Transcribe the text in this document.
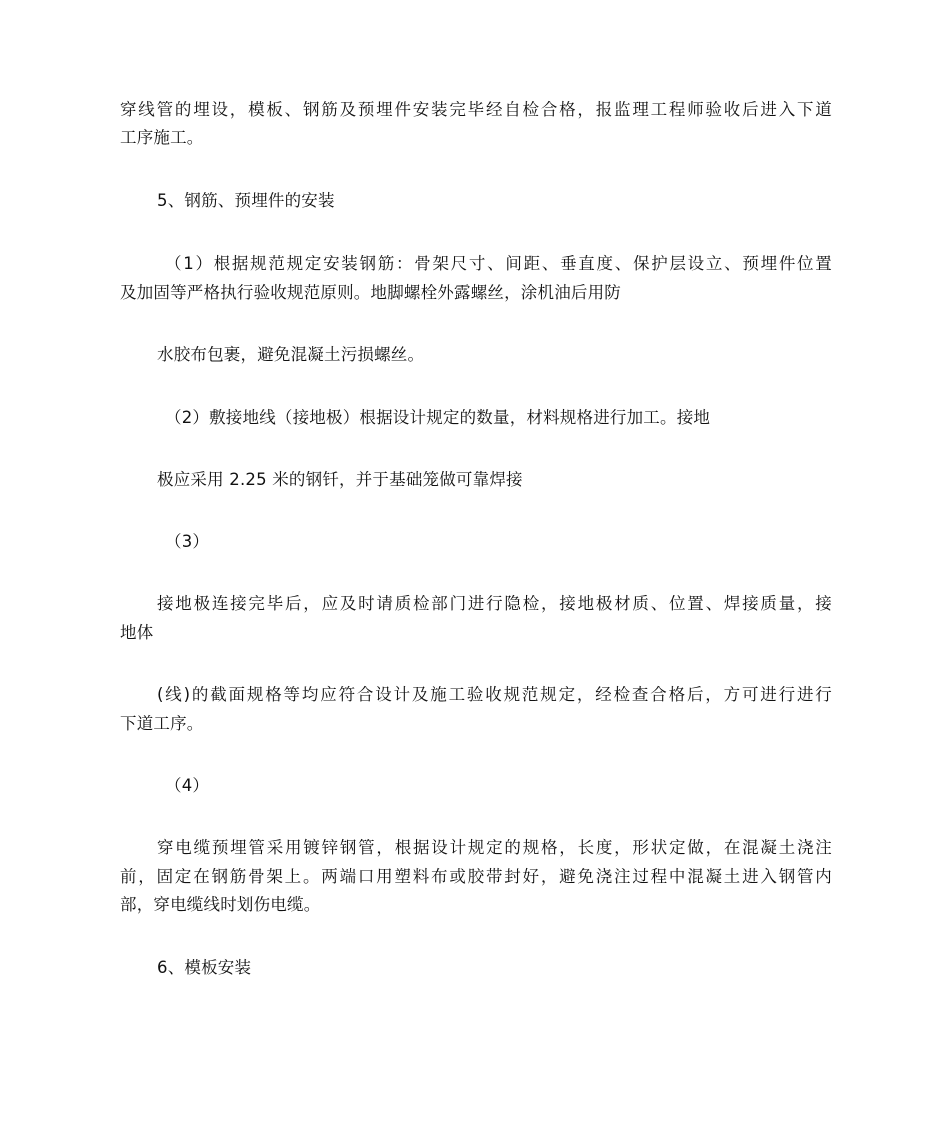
穿线管的埋设，模板、钢筋及预埋件安装完毕经自检合格，报监理工程师验收后进入下道
工序施工。
5、钢筋、预埋件的安装
（1）根据规范规定安装钢筋：骨架尺寸、间距、垂直度、保护层设立、预埋件位置
及加固等严格执行验收规范原则。地脚螺栓外露螺丝，涂机油后用防
水胶布包裹，避免混凝土污损螺丝。
（2）敷接地线（接地极）根据设计规定的数量，材料规格进行加工。接地
极应采用 2.25 米的钢钎，并于基础笼做可靠焊接
（3）
接地极连接完毕后，应及时请质检部门进行隐检，接地极材质、位置、焊接质量，接
地体
(线)的截面规格等均应符合设计及施工验收规范规定，经检查合格后，方可进行进行
下道工序。
（4）
穿电缆预埋管采用镀锌钢管，根据设计规定的规格，长度，形状定做，在混凝土浇注
前，固定在钢筋骨架上。两端口用塑料布或胶带封好，避免浇注过程中混凝土进入钢管内
部，穿电缆线时划伤电缆。
6、模板安装
